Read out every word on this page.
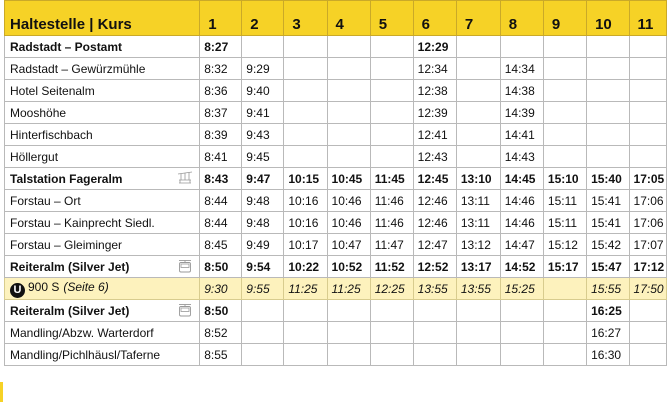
Haltestelle | Kurs	1	2	3	4	5	6	7	8	9	10	11
Radstadt – Postamt	8:27					12:29					
Radstadt – Gewürzmühle	8:32	9:29				12:34		14:34			
Hotel Seitenalm	8:36	9:40				12:38		14:38			
Mooshöhe	8:37	9:41				12:39		14:39			
Hinterfischbach	8:39	9:43				12:41		14:41			
Höllergut	8:41	9:45				12:43		14:43			
Talstation Fageralm	8:43	9:47	10:15	10:45	11:45	12:45	13:10	14:45	15:10	15:40	17:05
Forstau – Ort	8:44	9:48	10:16	10:46	11:46	12:46	13:11	14:46	15:11	15:41	17:06
Forstau – Kainprecht Siedl.	8:44	9:48	10:16	10:46	11:46	12:46	13:11	14:46	15:11	15:41	17:06
Forstau – Gleiminger	8:45	9:49	10:17	10:47	11:47	12:47	13:12	14:47	15:12	15:42	17:07
Reiteralm (Silver Jet)	8:50	9:54	10:22	10:52	11:52	12:52	13:17	14:52	15:17	15:47	17:12
U 900 S (Seite 6)	9:30	9:55	11:25	11:25	12:25	13:55	13:55	15:25		15:55	17:50
Reiteralm (Silver Jet)	8:50									16:25	
Mandling/Abzw. Warterdorf	8:52									16:27	
Mandling/Pichlhäusl/Taferne	8:55									16:30	
